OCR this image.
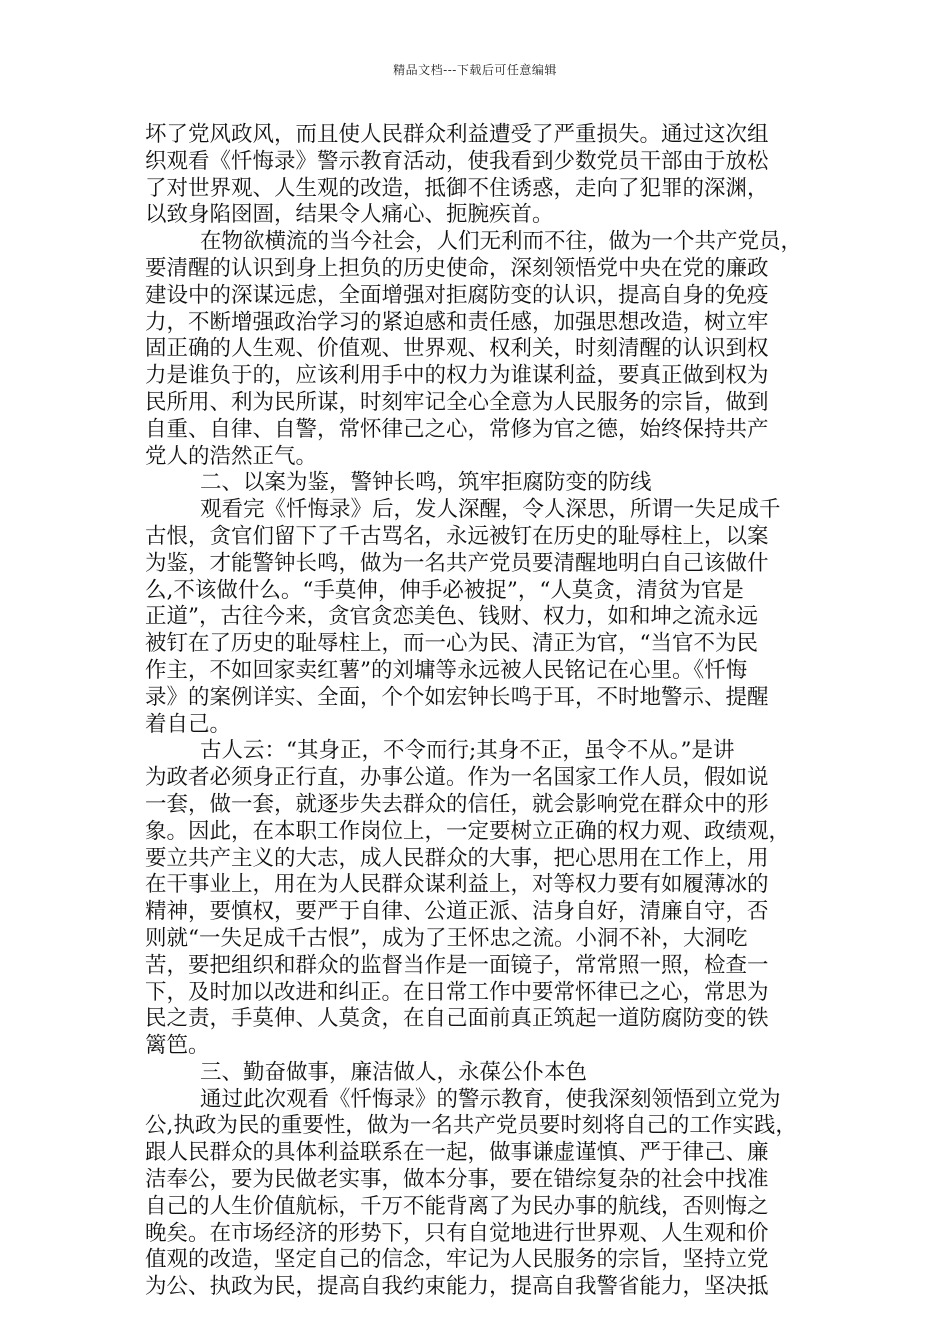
精品文档---下载后可任意编辑
坏了党风政风，而且使人民群众利益遭受了严重损失。通过这次组
织观看《忏悔录》警示教育活动，使我看到少数党员干部由于放松
了对世界观、人生观的改造，抵御不住诱惑，走向了犯罪的深渊，
以致身陷囹圄，结果令人痛心、扼腕疾首。
在物欲横流的当今社会，人们无利而不往，做为一个共产党员，
要清醒的认识到身上担负的历史使命，深刻领悟党中央在党的廉政
建设中的深谋远虑，全面增强对拒腐防变的认识，提高自身的免疫
力，不断增强政治学习的紧迫感和责任感，加强思想改造，树立牢
固正确的人生观、价值观、世界观、权利关，时刻清醒的认识到权
力是谁负于的，应该利用手中的权力为谁谋利益，要真正做到权为
民所用、利为民所谋，时刻牢记全心全意为人民服务的宗旨，做到
自重、自律、自警，常怀律己之心，常修为官之德，始终保持共产
党人的浩然正气。
二、以案为鉴，警钟长鸣，筑牢拒腐防变的防线
观看完《忏悔录》后，发人深醒，令人深思，所谓一失足成千
古恨，贪官们留下了千古骂名，永远被钉在历史的耻辱柱上，以案
为鉴，才能警钟长鸣，做为一名共产党员要清醒地明白自己该做什
么,不该做什么。“手莫伸，伸手必被捉”，“人莫贪，清贫为官是
正道”，古往今来，贪官贪恋美色、钱财、权力，如和坤之流永远
被钉在了历史的耻辱柱上，而一心为民、清正为官，“当官不为民
作主，不如回家卖红薯”的刘墉等永远被人民铭记在心里。《忏悔
录》的案例详实、全面，个个如宏钟长鸣于耳，不时地警示、提醒
着自己。
古人云：“其身正，不令而行;其身不正，虽令不从。”是讲
为政者必须身正行直，办事公道。作为一名国家工作人员，假如说
一套，做一套，就逐步失去群众的信任，就会影响党在群众中的形
象。因此，在本职工作岗位上，一定要树立正确的权力观、政绩观，
要立共产主义的大志，成人民群众的大事，把心思用在工作上，用
在干事业上，用在为人民群众谋利益上，对等权力要有如履薄冰的
精神，要慎权，要严于自律、公道正派、洁身自好，清廉自守，否
则就“一失足成千古恨”，成为了王怀忠之流。小洞不补，大洞吃
苦，要把组织和群众的监督当作是一面镜子，常常照一照，检查一
下，及时加以改进和纠正。在日常工作中要常怀律已之心，常思为
民之责，手莫伸、人莫贪，在自己面前真正筑起一道防腐防变的铁
篱笆。
三、勤奋做事，廉洁做人，永葆公仆本色
通过此次观看《忏悔录》的警示教育，使我深刻领悟到立党为
公,执政为民的重要性，做为一名共产党员要时刻将自己的工作实践，
跟人民群众的具体利益联系在一起，做事谦虚谨慎、严于律己、廉
洁奉公，要为民做老实事，做本分事，要在错综复杂的社会中找准
自己的人生价值航标，千万不能背离了为民办事的航线，否则悔之
晚矣。在市场经济的形势下，只有自觉地进行世界观、人生观和价
值观的改造，坚定自己的信念，牢记为人民服务的宗旨，坚持立党
为公、执政为民，提高自我约束能力，提高自我警省能力，坚决抵
